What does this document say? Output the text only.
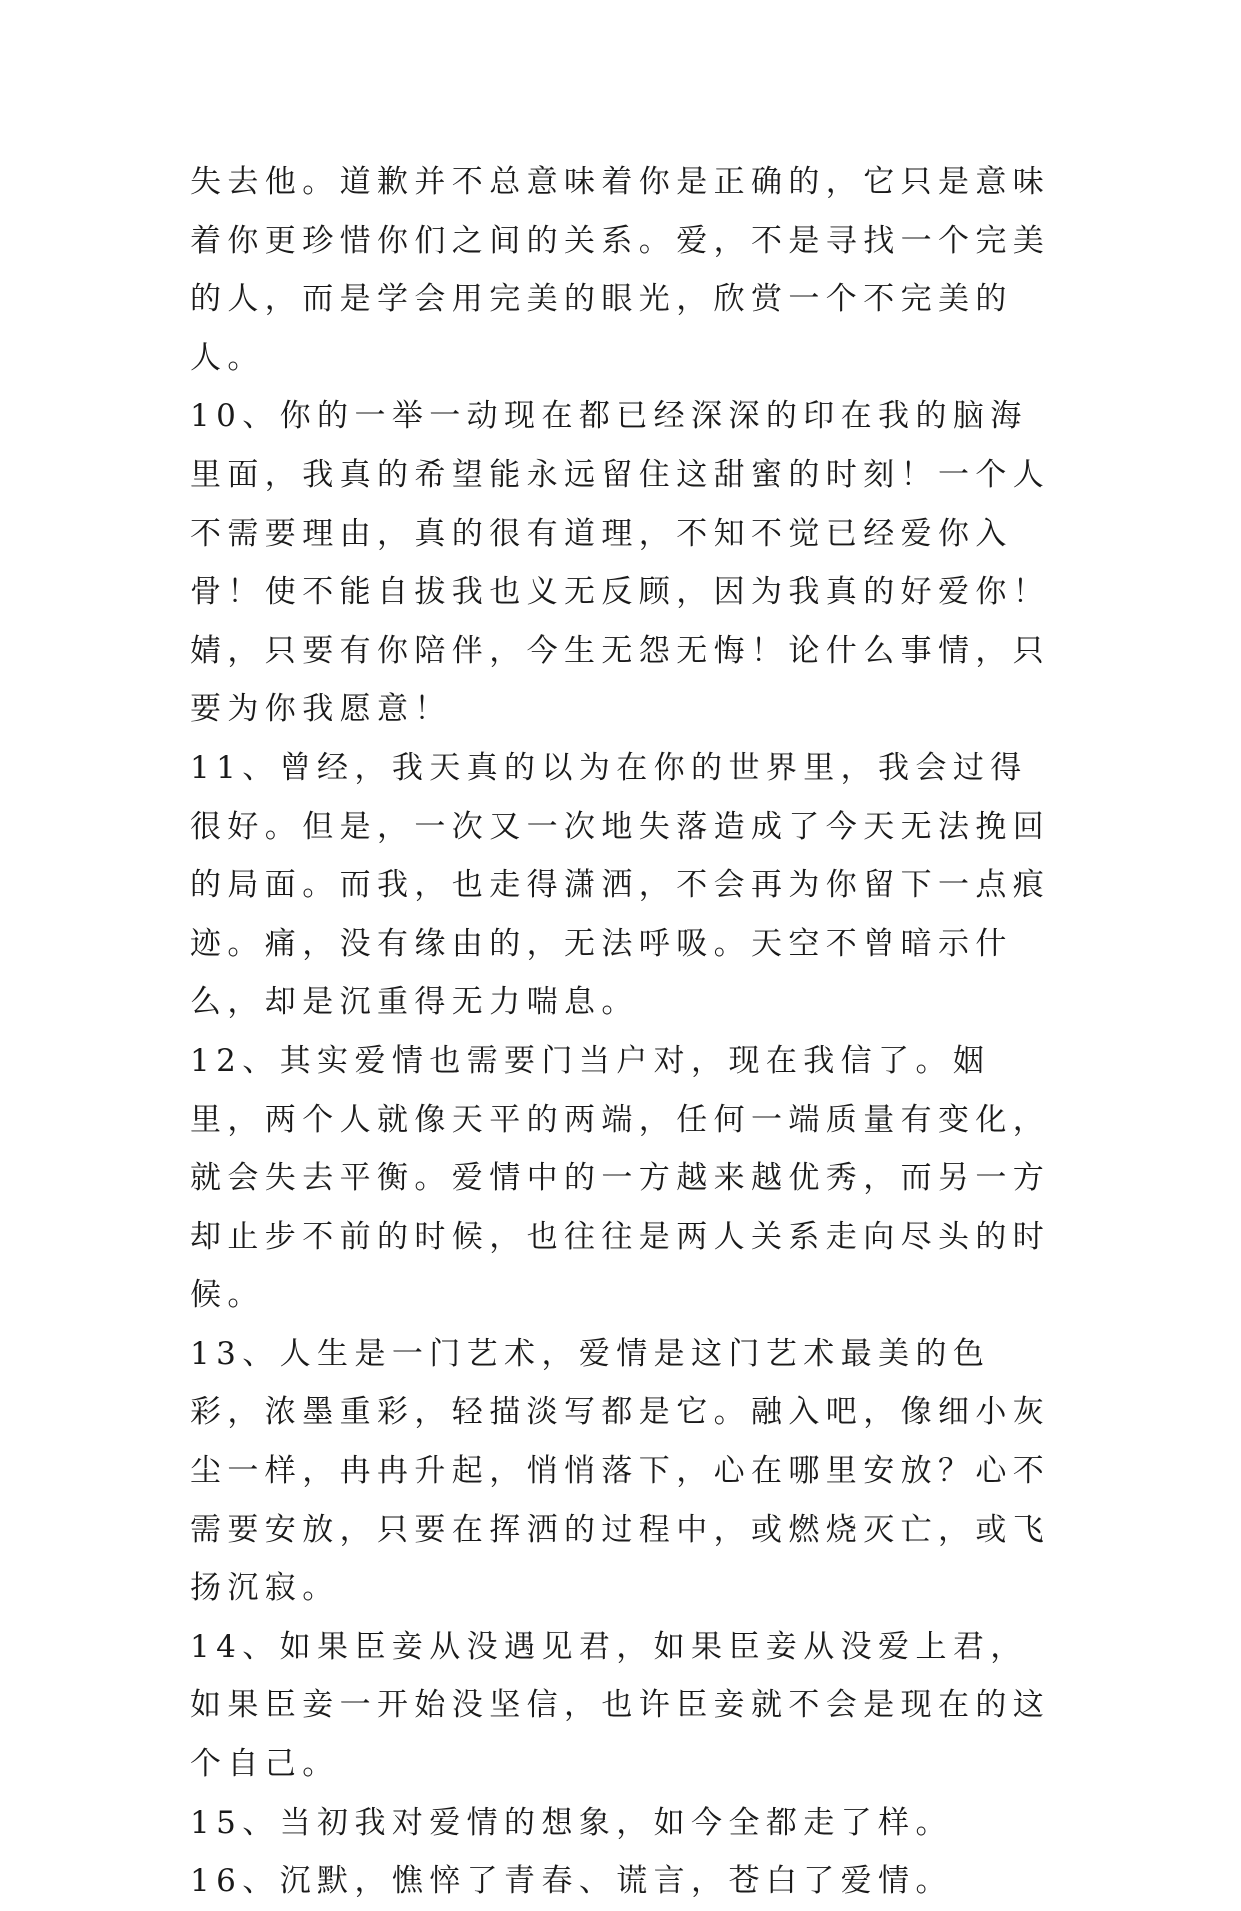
失去他。道歉并不总意味着你是正确的，它只是意味着你更珍惜你们之间的关系。爱，不是寻找一个完美的人，而是学会用完美的眼光，欣赏一个不完美的人。

10、你的一举一动现在都已经深深的印在我的脑海里面，我真的希望能永远留住这甜蜜的时刻！一个人不需要理由，真的很有道理，不知不觉已经爱你入骨！使不能自拔我也义无反顾，因为我真的好爱你！婧，只要有你陪伴，今生无怨无悔！论什么事情，只要为你我愿意！

11、曾经，我天真的以为在你的世界里，我会过得很好。但是，一次又一次地失落造成了今天无法挽回的局面。而我，也走得潇洒，不会再为你留下一点痕迹。痛，没有缘由的，无法呼吸。天空不曾暗示什么，却是沉重得无力喘息。

12、其实爱情也需要门当户对，现在我信了。姻里，两个人就像天平的两端，任何一端质量有变化，就会失去平衡。爱情中的一方越来越优秀，而另一方却止步不前的时候，也往往是两人关系走向尽头的时候。

13、人生是一门艺术，爱情是这门艺术最美的色彩，浓墨重彩，轻描淡写都是它。融入吧，像细小灰尘一样，冉冉升起，悄悄落下，心在哪里安放？心不需要安放，只要在挥洒的过程中，或燃烧灭亡，或飞扬沉寂。

14、如果臣妾从没遇见君，如果臣妾从没爱上君，如果臣妾一开始没坚信，也许臣妾就不会是现在的这个自己。

15、当初我对爱情的想象，如今全都走了样。

16、沉默，憔悴了青春、谎言，苍白了爱情。
